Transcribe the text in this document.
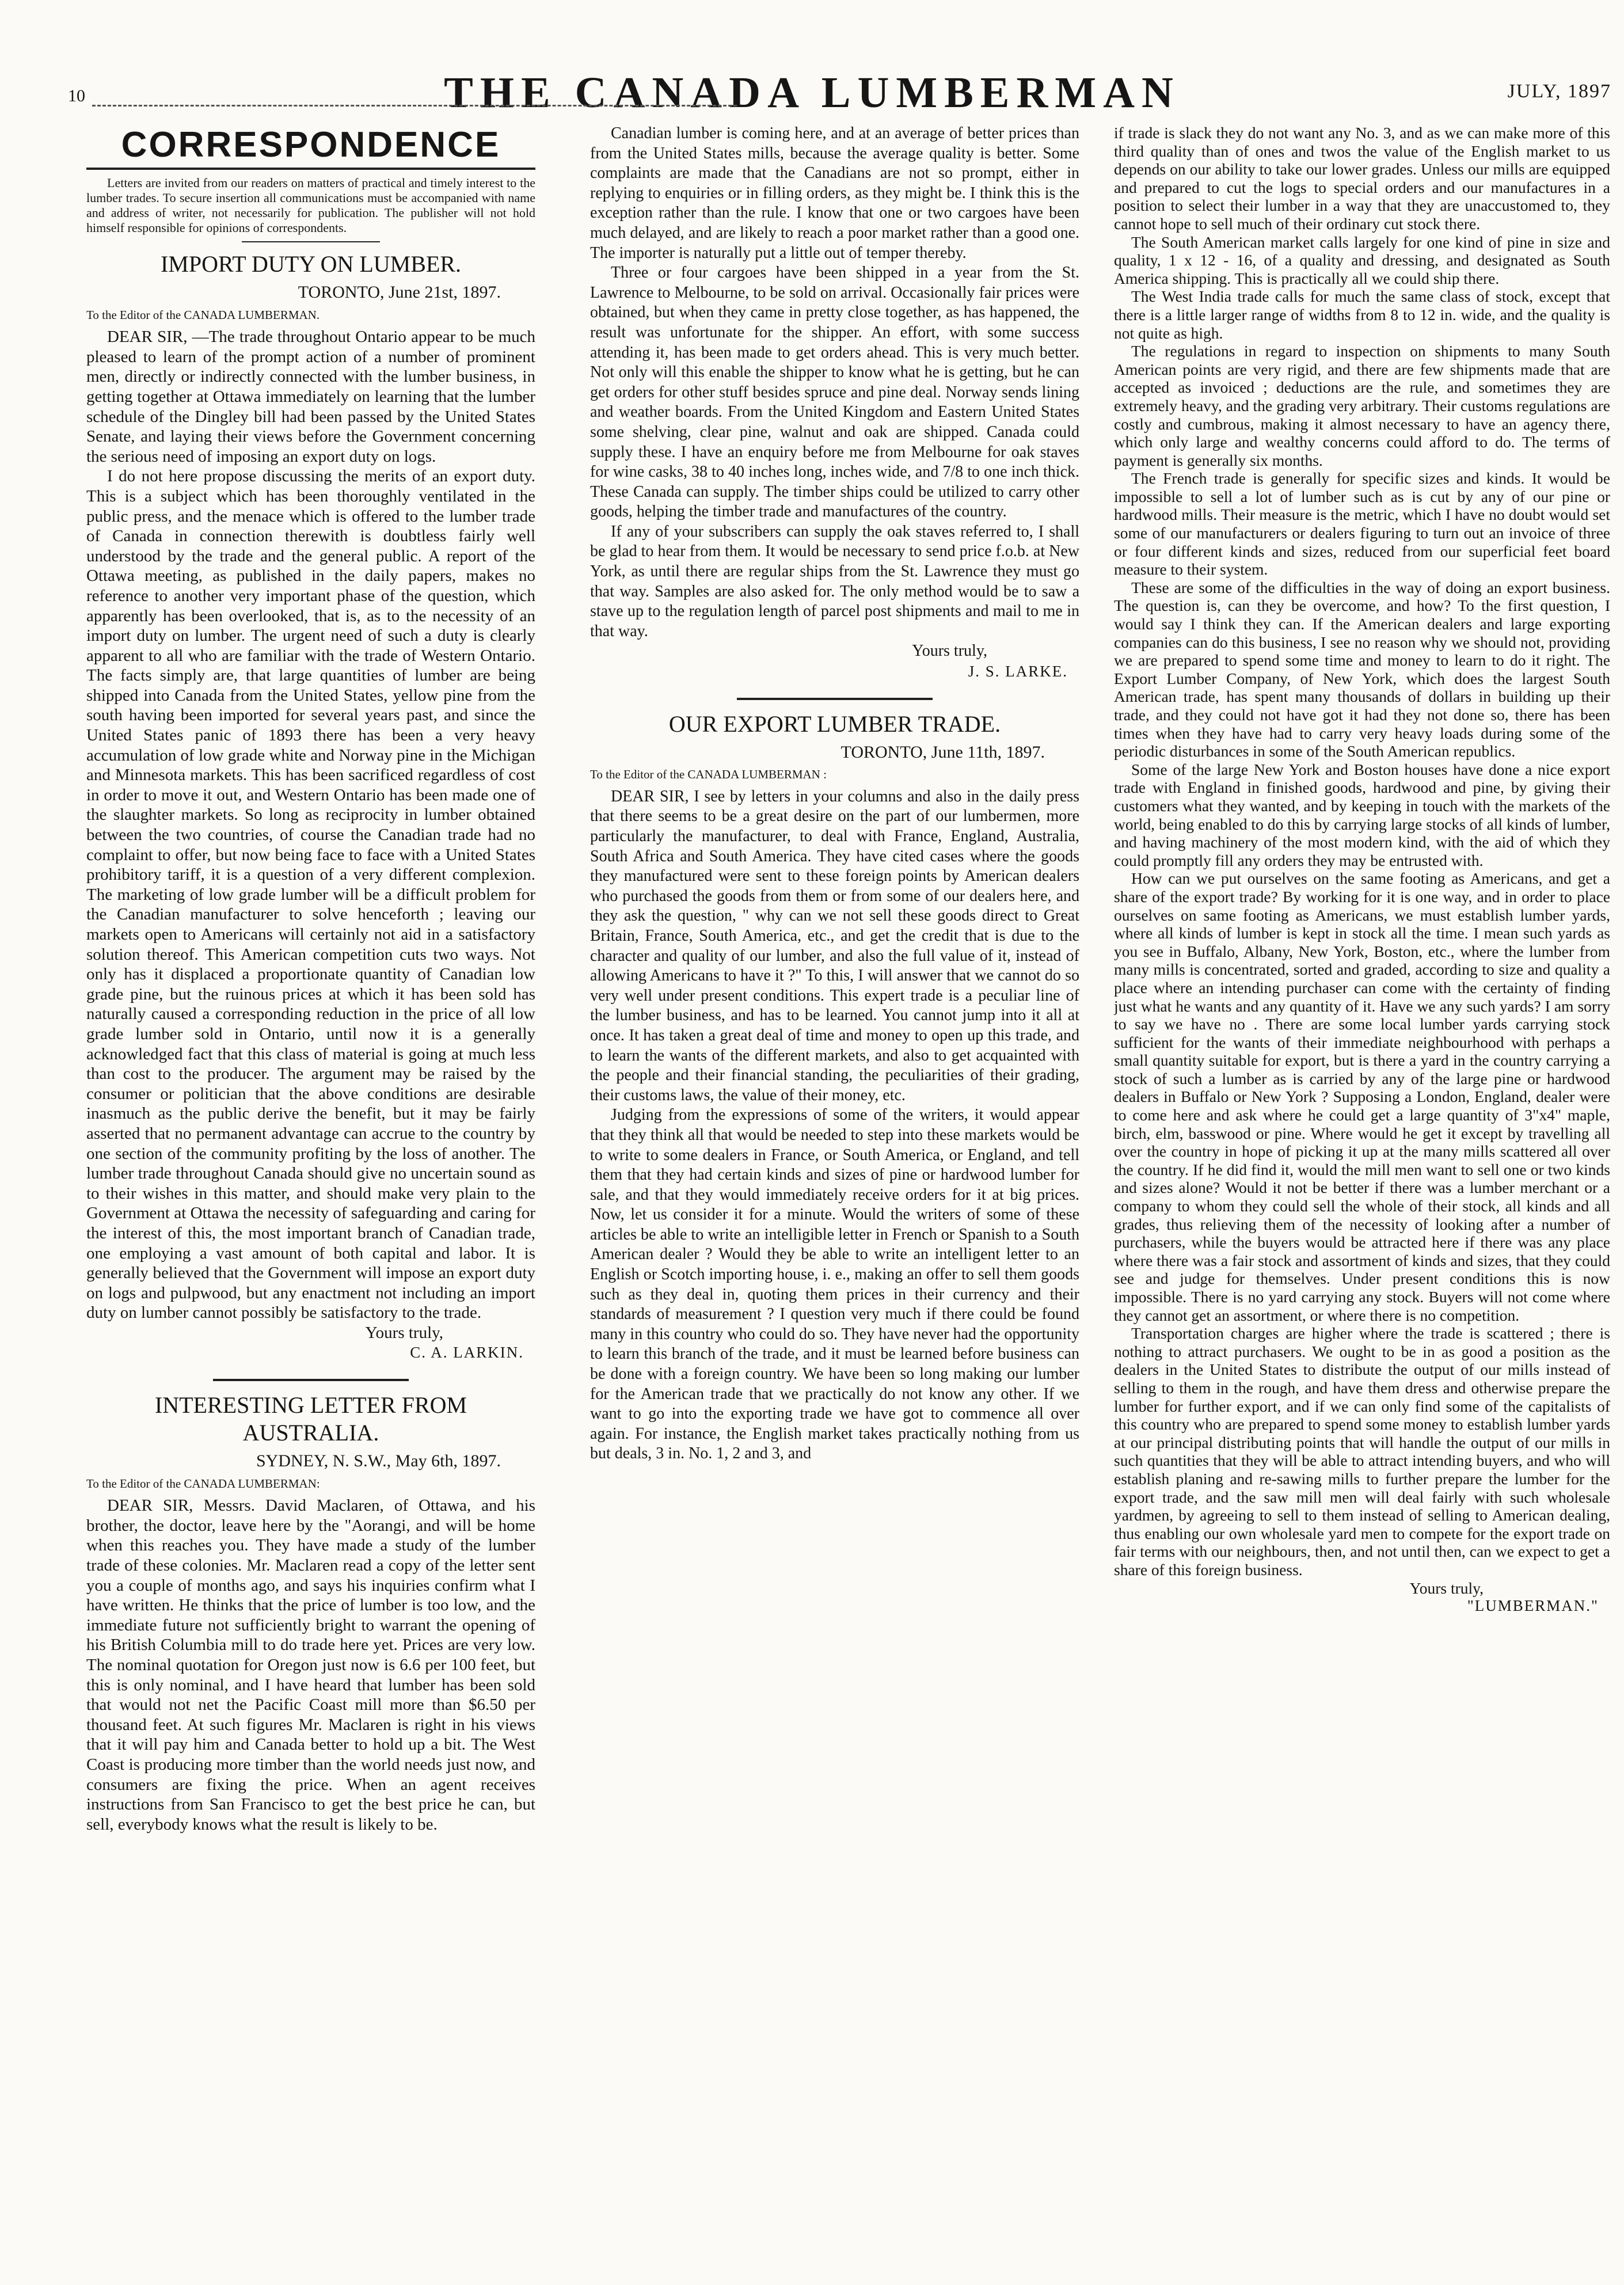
10	THE CANADA LUMBERMAN	JULY, 1897
CORRESPONDENCE

Letters are invited from our readers on matters of practical and timely interest to the lumber trades. To secure insertion all communications must be accompanied with name and address of writer, not necessarily for publication. The publisher will not hold himself responsible for opinions of correspondents.

IMPORT DUTY ON LUMBER.
TORONTO, June 21st, 1897.
To the Editor of the CANADA LUMBERMAN.

DEAR SIR, —The trade throughout Ontario appear to be much pleased to learn of the prompt action of a number of prominent men, directly or indirectly connected with the lumber business, in getting together at Ottawa immediately on learning that the lumber schedule of the Dingley bill had been passed by the United States Senate, and laying their views before the Government concerning the serious need of imposing an export duty on logs.

I do not here propose discussing the merits of an export duty. This is a subject which has been thoroughly ventilated in the public press, and the menace which is offered to the lumber trade of Canada in connection therewith is doubtless fairly well understood by the trade and the general public. A report of the Ottawa meeting, as published in the daily papers, makes no reference to another very important phase of the question, which apparently has been overlooked, that is, as to the necessity of an import duty on lumber. The urgent need of such a duty is clearly apparent to all who are familiar with the trade of Western Ontario. The facts simply are, that large quantities of lumber are being shipped into Canada from the United States, yellow pine from the south having been imported for several years past, and since the United States panic of 1893 there has been a very heavy accumulation of low grade white and Norway pine in the Michigan and Minnesota markets. This has been sacrificed regardless of cost in order to move it out, and Western Ontario has been made one of the slaughter markets. So long as reciprocity in lumber obtained between the two countries, of course the Canadian trade had no complaint to offer, but now being face to face with a United States prohibitory tariff, it is a question of a very different complexion. The marketing of low grade lumber will be a difficult problem for the Canadian manufacturer to solve henceforth ; leaving our markets open to Americans will certainly not aid in a satisfactory solution thereof. This American competition cuts two ways. Not only has it displaced a proportionate quantity of Canadian low grade pine, but the ruinous prices at which it has been sold has naturally caused a corresponding reduction in the price of all low grade lumber sold in Ontario, until now it is a generally acknowledged fact that this class of material is going at much less than cost to the producer. The argument may be raised by the consumer or politician that the above conditions are desirable inasmuch as the public derive the benefit, but it may be fairly asserted that no permanent advantage can accrue to the country by one section of the community profiting by the loss of another. The lumber trade throughout Canada should give no uncertain sound as to their wishes in this matter, and should make very plain to the Government at Ottawa the necessity of safeguarding and caring for the interest of this, the most important branch of Canadian trade, one employing a vast amount of both capital and labor. It is generally believed that the Government will impose an export duty on logs and pulpwood, but any enactment not including an import duty on lumber cannot possibly be satisfactory to the trade.

Yours truly,

C. A. LARKIN.

INTERESTING LETTER FROM AUSTRALIA.
SYDNEY, N. S.W., May 6th, 1897.
To the Editor of the CANADA LUMBERMAN:

DEAR SIR, Messrs. David Maclaren, of Ottawa, and his brother, the doctor, leave here by the "Aorangi, and will be home when this reaches you. They have made a study of the lumber trade of these colonies. Mr. Maclaren read a copy of the letter sent you a couple of months ago, and says his inquiries confirm what I have written. He thinks that the price of lumber is too low, and the immediate future not sufficiently bright to warrant the opening of his British Columbia mill to do trade here yet. Prices are very low. The nominal quotation for Oregon just now is 6.6 per 100 feet, but this is only nominal, and I have heard that lumber has been sold that would not net the Pacific Coast mill more than $6.50 per thousand feet. At such figures Mr. Maclaren is right in his views that it will pay him and Canada better to hold up a bit. The West Coast is producing more timber than the world needs just now, and consumers are fixing the price. When an agent receives instructions from San Francisco to get the best price he can, but sell, everybody knows what the result is likely to be.

Canadian lumber is coming here, and at an average of better prices than from the United States mills, because the average quality is better. Some complaints are made that the Canadians are not so prompt, either in replying to enquiries or in filling orders, as they might be. I think this is the exception rather than the rule. I know that one or two cargoes have been much delayed, and are likely to reach a poor market rather than a good one. The importer is naturally put a little out of temper thereby.

Three or four cargoes have been shipped in a year from the St. Lawrence to Melbourne, to be sold on arrival. Occasionally fair prices were obtained, but when they came in pretty close together, as has happened, the result was unfortunate for the shipper. An effort, with some success attending it, has been made to get orders ahead. This is very much better. Not only will this enable the shipper to know what he is getting, but he can get orders for other stuff besides spruce and pine deal. Norway sends lining and weather boards. From the United Kingdom and Eastern United States some shelving, clear pine, walnut and oak are shipped. Canada could supply these. I have an enquiry before me from Melbourne for oak staves for wine casks, 38 to 40 inches long, inches wide, and 7/8 to one inch thick. These Canada can supply. The timber ships could be utilized to carry other goods, helping the timber trade and manufactures of the country.

If any of your subscribers can supply the oak staves referred to, I shall be glad to hear from them. It would be necessary to send price f.o.b. at New York, as until there are regular ships from the St. Lawrence they must go that way. Samples are also asked for. The only method would be to saw a stave up to the regulation length of parcel post shipments and mail to me in that way.

Yours truly,

J. S. LARKE.

OUR EXPORT LUMBER TRADE.
TORONTO, June 11th, 1897.
To the Editor of the CANADA LUMBERMAN :

DEAR SIR, I see by letters in your columns and also in the daily press that there seems to be a great desire on the part of our lumbermen, more particularly the manufacturer, to deal with France, England, Australia, South Africa and South America. They have cited cases where the goods they manufactured were sent to these foreign points by American dealers who purchased the goods from them or from some of our dealers here, and they ask the question, " why can we not sell these goods direct to Great Britain, France, South America, etc., and get the credit that is due to the character and quality of our lumber, and also the full value of it, instead of allowing Americans to have it ?" To this, I will answer that we cannot do so very well under present conditions. This expert trade is a peculiar line of the lumber business, and has to be learned. You cannot jump into it all at once. It has taken a great deal of time and money to open up this trade, and to learn the wants of the different markets, and also to get acquainted with the people and their financial standing, the peculiarities of their grading, their customs laws, the value of their money, etc.

Judging from the expressions of some of the writers, it would appear that they think all that would be needed to step into these markets would be to write to some dealers in France, or South America, or England, and tell them that they had certain kinds and sizes of pine or hardwood lumber for sale, and that they would immediately receive orders for it at big prices. Now, let us consider it for a minute. Would the writers of some of these articles be able to write an intelligible letter in French or Spanish to a South American dealer ? Would they be able to write an intelligent letter to an English or Scotch importing house, i. e., making an offer to sell them goods such as they deal in, quoting them prices in their currency and their standards of measurement ? I question very much if there could be found many in this country who could do so. They have never had the opportunity to learn this branch of the trade, and it must be learned before business can be done with a foreign country. We have been so long making our lumber for the American trade that we practically do not know any other. If we want to go into the exporting trade we have got to commence all over again. For instance, the English market takes practically nothing from us but deals, 3 in. No. 1, 2 and 3, and

if trade is slack they do not want any No. 3, and as we can make more of this third quality than of ones and twos the value of the English market to us depends on our ability to take our lower grades. Unless our mills are equipped and prepared to cut the logs to special orders and our manufactures in a position to select their lumber in a way that they are unaccustomed to, they cannot hope to sell much of their ordinary cut stock there.

The South American market calls largely for one kind of pine in size and quality, 1 x 12 - 16, of a quality and dressing, and designated as South America shipping. This is practically all we could ship there.

The West India trade calls for much the same class of stock, except that there is a little larger range of widths from 8 to 12 in. wide, and the quality is not quite as high.

The regulations in regard to inspection on shipments to many South American points are very rigid, and there are few shipments made that are accepted as invoiced ; deductions are the rule, and sometimes they are extremely heavy, and the grading very arbitrary. Their customs regulations are costly and cumbrous, making it almost necessary to have an agency there, which only large and wealthy concerns could afford to do. The terms of payment is generally six months.

The French trade is generally for specific sizes and kinds. It would be impossible to sell a lot of lumber such as is cut by any of our pine or hardwood mills. Their measure is the metric, which I have no doubt would set some of our manufacturers or dealers figuring to turn out an invoice of three or four different kinds and sizes, reduced from our superficial feet board measure to their system.

These are some of the difficulties in the way of doing an export business. The question is, can they be overcome, and how? To the first question, I would say I think they can. If the American dealers and large exporting companies can do this business, I see no reason why we should not, providing we are prepared to spend some time and money to learn to do it right. The Export Lumber Company, of New York, which does the largest South American trade, has spent many thousands of dollars in building up their trade, and they could not have got it had they not done so, there has been times when they have had to carry very heavy loads during some of the periodic disturbances in some of the South American republics.

Some of the large New York and Boston houses have done a nice export trade with England in finished goods, hardwood and pine, by giving their customers what they wanted, and by keeping in touch with the markets of the world, being enabled to do this by carrying large stocks of all kinds of lumber, and having machinery of the most modern kind, with the aid of which they could promptly fill any orders they may be entrusted with.

How can we put ourselves on the same footing as Americans, and get a share of the export trade? By working for it is one way, and in order to place ourselves on same footing as Americans, we must establish lumber yards, where all kinds of lumber is kept in stock all the time. I mean such yards as you see in Buffalo, Albany, New York, Boston, etc., where the lumber from many mills is concentrated, sorted and graded, according to size and quality a place where an intending purchaser can come with the certainty of finding just what he wants and any quantity of it. Have we any such yards? I am sorry to say we have no . There are some local lumber yards carrying stock sufficient for the wants of their immediate neighbourhood with perhaps a small quantity suitable for export, but is there a yard in the country carrying a stock of such a lumber as is carried by any of the large pine or hardwood dealers in Buffalo or New York ? Supposing a London, England, dealer were to come here and ask where he could get a large quantity of 3"x4" maple, birch, elm, basswood or pine. Where would he get it except by travelling all over the country in hope of picking it up at the many mills scattered all over the country. If he did find it, would the mill men want to sell one or two kinds and sizes alone? Would it not be better if there was a lumber merchant or a company to whom they could sell the whole of their stock, all kinds and all grades, thus relieving them of the necessity of looking after a number of purchasers, while the buyers would be attracted here if there was any place where there was a fair stock and assortment of kinds and sizes, that they could see and judge for themselves. Under present conditions this is now impossible. There is no yard carrying any stock. Buyers will not come where they cannot get an assortment, or where there is no competition.

Transportation charges are higher where the trade is scattered ; there is nothing to attract purchasers. We ought to be in as good a position as the dealers in the United States to distribute the output of our mills instead of selling to them in the rough, and have them dress and otherwise prepare the lumber for further export, and if we can only find some of the capitalists of this country who are prepared to spend some money to establish lumber yards at our principal distributing points that will handle the output of our mills in such quantities that they will be able to attract intending buyers, and who will establish planing and re-sawing mills to further prepare the lumber for the export trade, and the saw mill men will deal fairly with such wholesale yardmen, by agreeing to sell to them instead of selling to American dealing, thus enabling our own wholesale yard men to compete for the export trade on fair terms with our neighbours, then, and not until then, can we expect to get a share of this foreign business.

Yours truly,

"LUMBERMAN."
